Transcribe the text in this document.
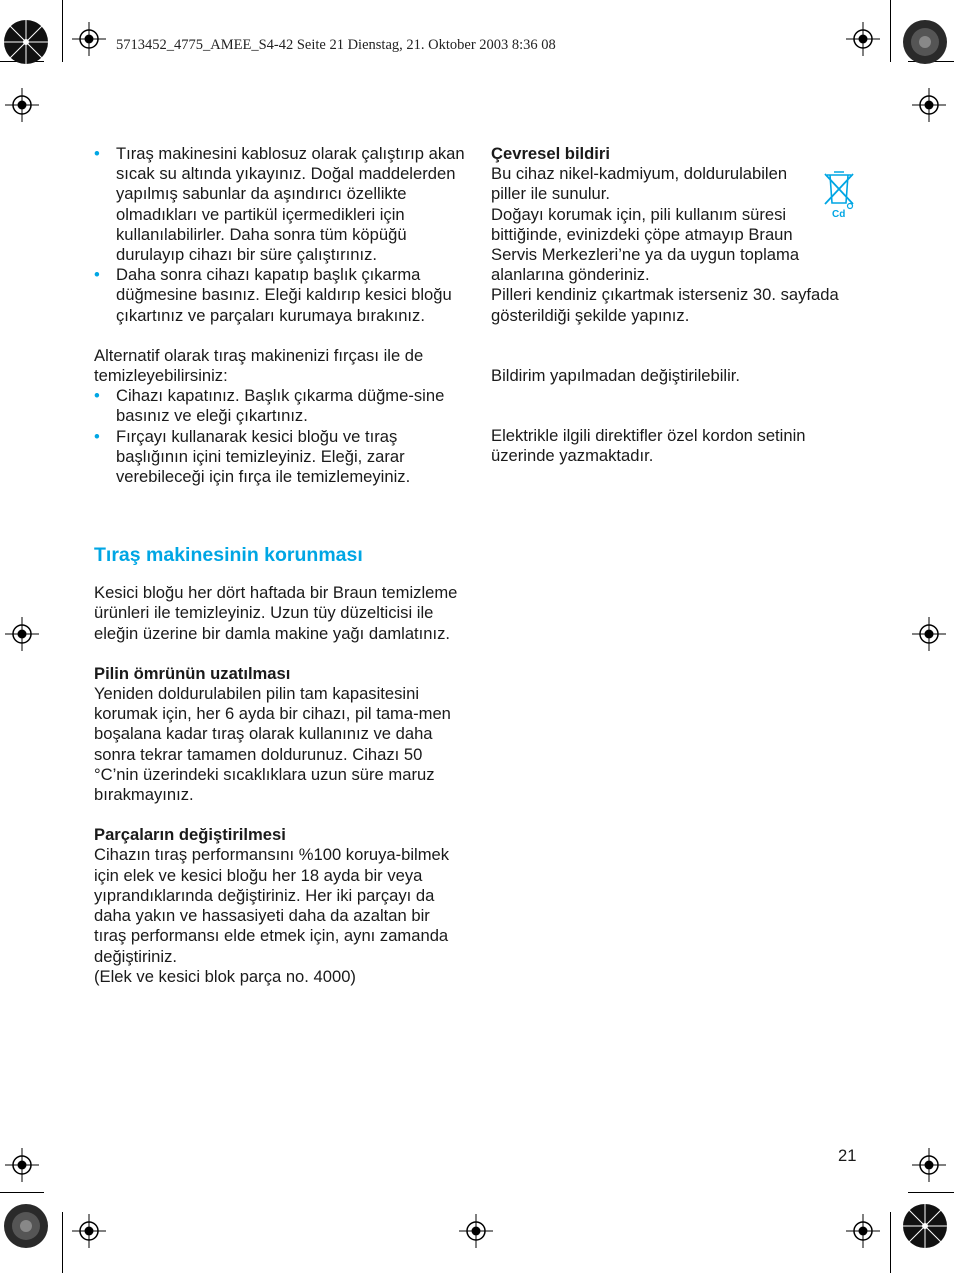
5713452_4775_AMEE_S4-42 Seite 21 Dienstag, 21. Oktober 2003 8:36 08
• Tıraş makinesini kablosuz olarak çalıştırıp akan sıcak su altında yıkayınız. Doğal maddelerden yapılmış sabunlar da aşındırıcı özellikte olmadıkları ve partikül içermedikleri için kullanılabilirler. Daha sonra tüm köpüğü durulayıp cihazı bir süre çalıştırınız.
• Daha sonra cihazı kapatıp başlık çıkarma düğmesine basınız. Eleği kaldırıp kesici bloğu çıkartınız ve parçaları kurumaya bırakınız.

Alternatif olarak tıraş makinenizi fırçası ile de temizleyebilirsiniz:

• Cihazı kapatınız. Başlık çıkarma düğme-sine basınız ve eleği çıkartınız.
• Fırçayı kullanarak kesici bloğu ve tıraş başlığının içini temizleyiniz. Eleği, zarar verebileceği için fırça ile temizlemeyiniz.

Tıraş makinesinin korunması

Kesici bloğu her dört haftada bir Braun temizleme ürünleri ile temizleyiniz. Uzun tüy düzelticisi ile eleğin üzerine bir damla makine yağı damlatınız.

Pilin ömrünün uzatılması

Yeniden doldurulabilen pilin tam kapasitesini korumak için, her 6 ayda bir cihazı, pil tama-men boşalana kadar tıraş olarak kullanınız ve daha sonra tekrar tamamen doldurunuz. Cihazı 50 °C’nin üzerindeki sıcaklıklara uzun süre maruz bırakmayınız.

Parçaların değiştirilmesi

Cihazın tıraş performansını %100 koruya-bilmek için elek ve kesici bloğu her 18 ayda bir veya yıprandıklarında değiştiriniz. Her iki parçayı da daha yakın ve hassasiyeti daha da azaltan bir tıraş performansı elde etmek için, aynı zamanda değiştiriniz.

(Elek ve kesici blok parça no. 4000)

Çevresel bildiri

Bu cihaz nikel-kadmiyum, doldurulabilen piller ile sunulur.

Doğayı korumak için, pili kullanım süresi bittiğinde, evinizdeki çöpe atmayıp Braun Servis Merkezleri’ne ya da uygun toplama alanlarına gönderiniz.

Pilleri kendiniz çıkartmak isterseniz 30. sayfada gösterildiği şekilde yapınız.

Bildirim yapılmadan değiştirilebilir.

Elektrikle ilgili direktifler özel kordon setinin üzerinde yazmaktadır.

Cd
21
